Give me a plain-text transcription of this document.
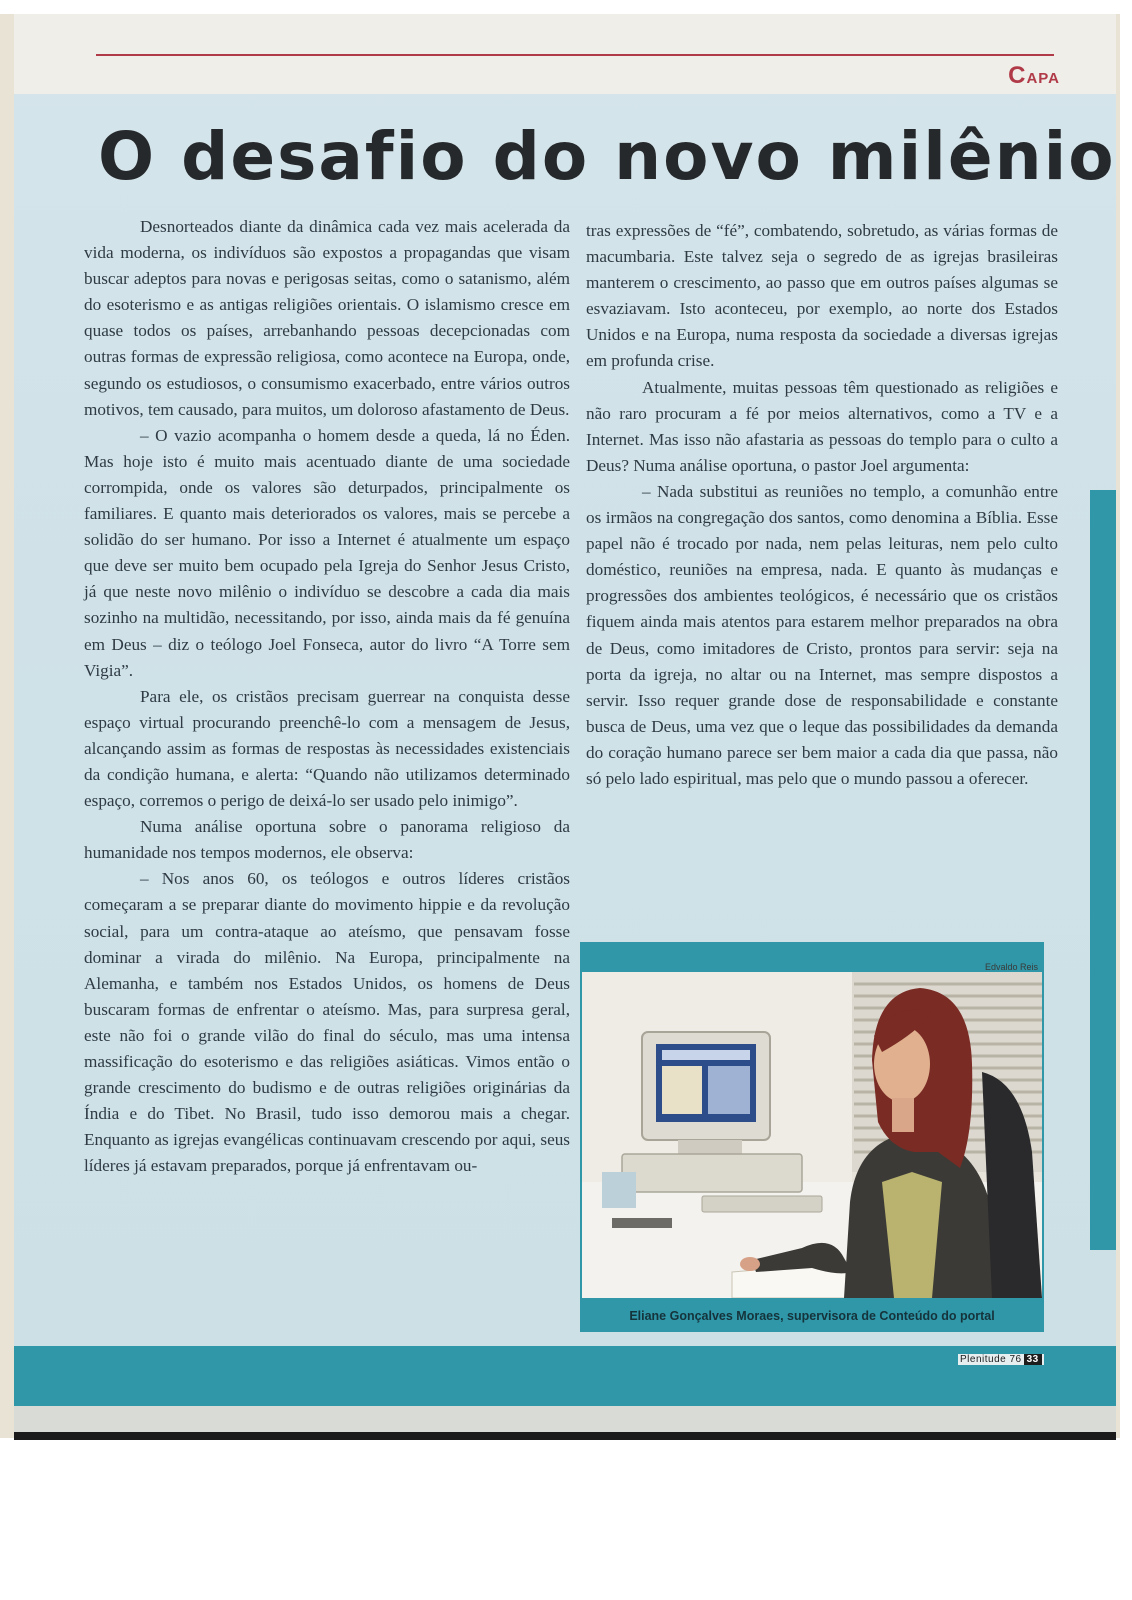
CAPA
O desafio do novo milênio

Desnorteados diante da dinâmica cada vez mais acelerada da vida moderna, os indivíduos são expostos a propagandas que visam buscar adeptos para novas e perigosas seitas, como o satanismo, além do esoterismo e as antigas religiões orientais. O islamismo cresce em quase todos os países, arrebanhando pessoas decepcionadas com outras formas de expressão religiosa, como acontece na Europa, onde, segundo os estudiosos, o consumismo exacerbado, entre vários outros motivos, tem causado, para muitos, um doloroso afastamento de Deus.

– O vazio acompanha o homem desde a queda, lá no Éden. Mas hoje isto é muito mais acentuado diante de uma sociedade corrompida, onde os valores são deturpados, principalmente os familiares. E quanto mais deteriorados os valores, mais se percebe a solidão do ser humano. Por isso a Internet é atualmente um espaço que deve ser muito bem ocupado pela Igreja do Senhor Jesus Cristo, já que neste novo milênio o indivíduo se descobre a cada dia mais sozinho na multidão, necessitando, por isso, ainda mais da fé genuína em Deus – diz o teólogo Joel Fonseca, autor do livro “A Torre sem Vigia”.

Para ele, os cristãos precisam guerrear na conquista desse espaço virtual procurando preenchê-lo com a mensagem de Jesus, alcançando assim as formas de respostas às necessidades existenciais da condição humana, e alerta: “Quando não utilizamos determinado espaço, corremos o perigo de deixá-lo ser usado pelo inimigo”.

Numa análise oportuna sobre o panorama religioso da humanidade nos tempos modernos, ele observa:

– Nos anos 60, os teólogos e outros líderes cristãos começaram a se preparar diante do movimento hippie e da revolução social, para um contra-ataque ao ateísmo, que pensavam fosse dominar a virada do milênio. Na Europa, principalmente na Alemanha, e também nos Estados Unidos, os homens de Deus buscaram formas de enfrentar o ateísmo. Mas, para surpresa geral, este não foi o grande vilão do final do século, mas uma intensa massificação do esoterismo e das religiões asiáticas. Vimos então o grande crescimento do budismo e de outras religiões originárias da Índia e do Tibet. No Brasil, tudo isso demorou mais a chegar. Enquanto as igrejas evangélicas continuavam crescendo por aqui, seus líderes já estavam preparados, porque já enfrentavam ou-

tras expressões de “fé”, combatendo, sobretudo, as várias formas de macumbaria. Este talvez seja o segredo de as igrejas brasileiras manterem o crescimento, ao passo que em outros países algumas se esvaziavam. Isto aconteceu, por exemplo, ao norte dos Estados Unidos e na Europa, numa resposta da sociedade a diversas igrejas em profunda crise.

Atualmente, muitas pessoas têm questionado as religiões e não raro procuram a fé por meios alternativos, como a TV e a Internet. Mas isso não afastaria as pessoas do templo para o culto a Deus? Numa análise oportuna, o pastor Joel argumenta:

– Nada substitui as reuniões no templo, a comunhão entre os irmãos na congregação dos santos, como denomina a Bíblia. Esse papel não é trocado por nada, nem pelas leituras, nem pelo culto doméstico, reuniões na empresa, nada. E quanto às mudanças e progressões dos ambientes teológicos, é necessário que os cristãos fiquem ainda mais atentos para estarem melhor preparados na obra de Deus, como imitadores de Cristo, prontos para servir: seja na porta da igreja, no altar ou na Internet, mas sempre dispostos a servir. Isso requer grande dose de responsabilidade e constante busca de Deus, uma vez que o leque das possibilidades da demanda do coração humano parece ser bem maior a cada dia que passa, não só pelo lado espiritual, mas pelo que o mundo passou a oferecer.

Edvaldo Reis
Eliane Gonçalves Moraes, supervisora de Conteúdo do portal
Plenitude 76 33
